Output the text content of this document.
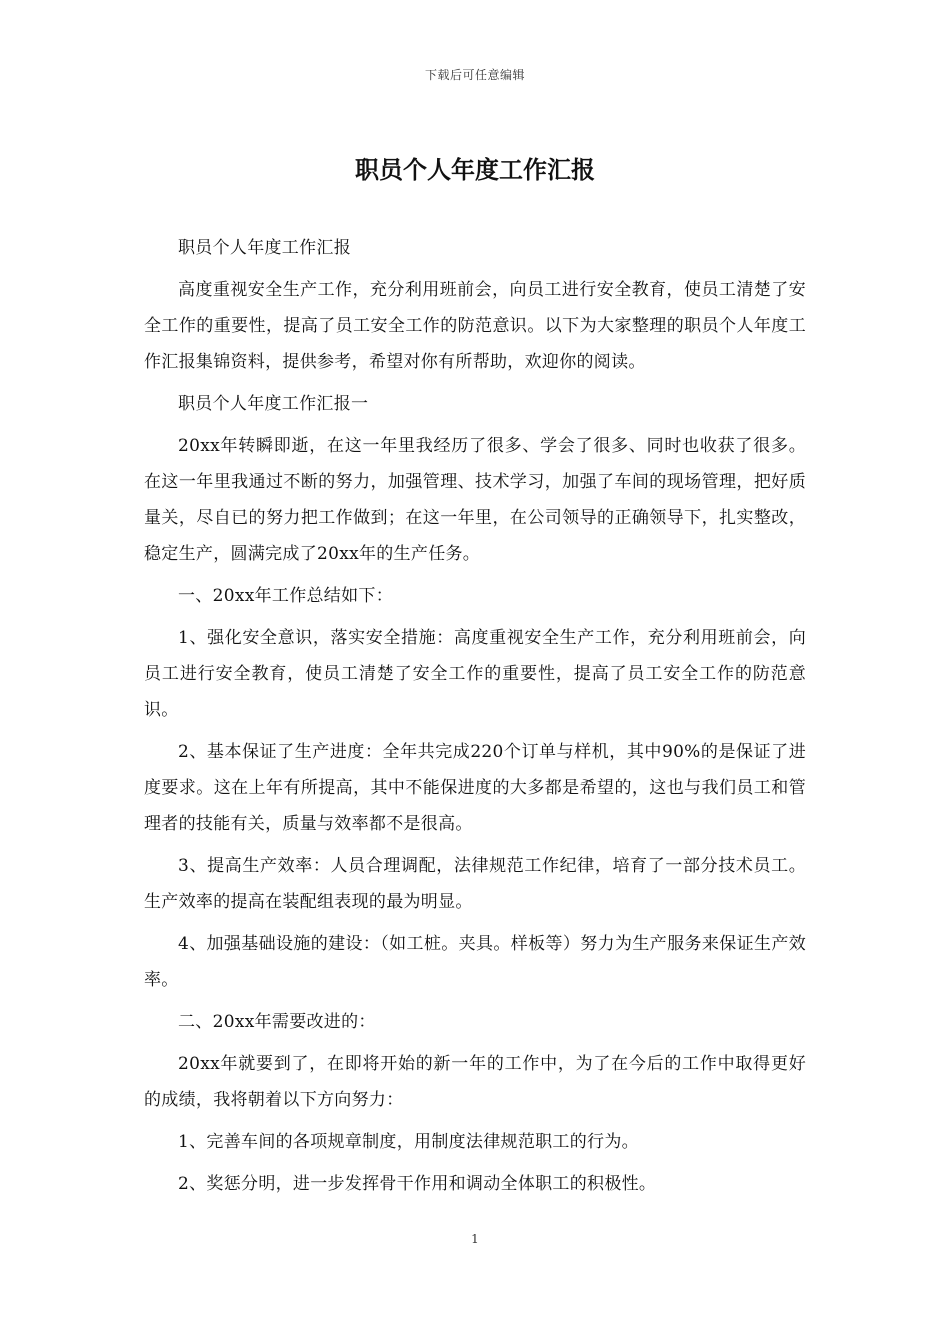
下载后可任意编辑
职员个人年度工作汇报

职员个人年度工作汇报

高度重视安全生产工作，充分利用班前会，向员工进行安全教育，使员工清楚了安全工作的重要性，提高了员工安全工作的防范意识。以下为大家整理的职员个人年度工作汇报集锦资料，提供参考，希望对你有所帮助，欢迎你的阅读。

职员个人年度工作汇报一

20xx年转瞬即逝，在这一年里我经历了很多、学会了很多、同时也收获了很多。在这一年里我通过不断的努力，加强管理、技术学习，加强了车间的现场管理，把好质量关，尽自已的努力把工作做到；在这一年里，在公司领导的正确领导下，扎实整改，稳定生产，圆满完成了20xx年的生产任务。

一、20xx年工作总结如下：

1、强化安全意识，落实安全措施：高度重视安全生产工作，充分利用班前会，向员工进行安全教育，使员工清楚了安全工作的重要性，提高了员工安全工作的防范意识。

2、基本保证了生产进度：全年共完成220个订单与样机，其中90%的是保证了进度要求。这在上年有所提高，其中不能保进度的大多都是希望的，这也与我们员工和管理者的技能有关，质量与效率都不是很高。

3、提高生产效率：人员合理调配，法律规范工作纪律，培育了一部分技术员工。生产效率的提高在装配组表现的最为明显。

4、加强基础设施的建设：（如工桩。夹具。样板等）努力为生产服务来保证生产效率。

二、20xx年需要改进的：

20xx年就要到了，在即将开始的新一年的工作中，为了在今后的工作中取得更好的成绩，我将朝着以下方向努力：

1、完善车间的各项规章制度，用制度法律规范职工的行为。

2、奖惩分明，进一步发挥骨干作用和调动全体职工的积极性。

1
